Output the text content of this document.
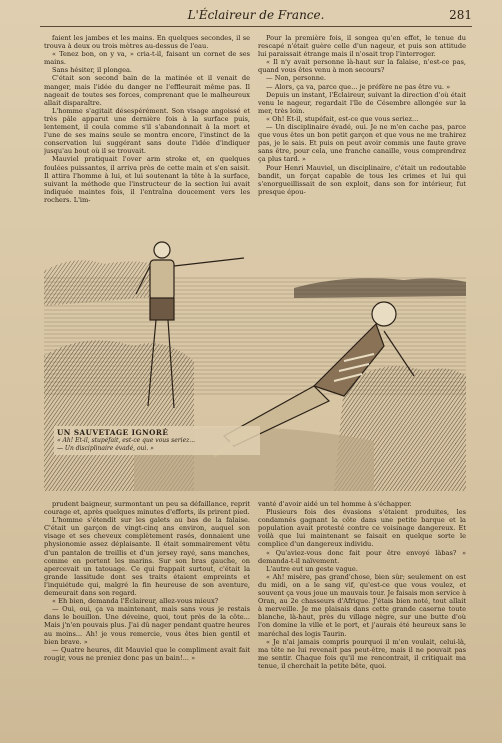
L'Éclaireur de France.	281

faient les jambes et les mains. En quelques secondes, il se trouva à deux ou trois mètres au-dessus de l'eau.

« Tenez bon, on y va, » cria-t-il, faisant un cornet de ses mains.

Sans hésiter, il plongea.

C'était son second bain de la matinée et il venait de manger, mais l'idée du danger ne l'effleurait même pas. Il nageait de toutes ses forces, comprenant que le malheureux allait disparaître.

L'homme s'agitait désespérément. Son visage angoissé et très pâle apparut une dernière fois à la surface puis, lentement, il coula comme s'il s'abandonnait à la mort et l'une de ses mains seule se montra encore, l'instinct de la conservation lui suggérant sans doute l'idée d'indiquer jusqu'au bout où il se trouvait.

Mauviel pratiquait l'over arm stroke et, en quelques foulées puissantes, il arriva près de cette main et s'en saisit. Il attira l'homme à lui, et lui soutenant la tête à la surface, suivant la méthode que l'instructeur de la section lui avait indiquée maintes fois, il l'entraîna doucement vers les rochers. L'im-

Pour la première fois, il songea qu'en effet, le tenue du rescapé n'était guère celle d'un nageur, et puis son attitude lui paraissait étrange mais il n'osait trop l'interroger.

« Il n'y avait personne là-haut sur la falaise, n'est-ce pas, quand vous êtes venu à mon secours?

— Non, personne.

— Alors, ça va, parce que... je préfère ne pas être vu. »

Depuis un instant, l'Éclaireur, suivant la direction d'où était venu le nageur, regardait l'île de Césembre allongée sur la mer, très loin.

« Oh! Et-il, stupéfait, est-ce que vous seriez...

— Un disciplinaire évadé, oui. Je ne m'en cache pas, parce que vous êtes un bon petit garçon et que vous ne me trahirez pas, je le sais. Et puis on peut avoir commis une faute grave sans être, pour cela, une franche canaille, vous comprendrez ça plus tard. »

Pour Henri Mauviel, un disciplinaire, c'était un redoutable bandit, un forçat capable de tous les crimes et lui qui s'enorgueillissait de son exploit, dans son for intérieur, fut presque épou-

UN SAUVETAGE IGNORÉ
« Ah! Et-il, stupéfait, est-ce que vous seriez...
— Un disciplinaire évadé, oui. »

prudent baigneur, surmontant un peu sa défaillance, reprit courage et, après quelques minutes d'efforts, ils prirent pied.

L'homme s'étendit sur les galets au bas de la falaise. C'était un garçon de vingt-cinq ans environ, auquel son visage et ses cheveux complètement rasés, donnaient une physionomie assez déplaisante. Il était sommairement vêtu d'un pantalon de treillis et d'un jersey rayé, sans manches, comme en portent les marins. Sur son bras gauche, on apercevait un tatouage. Ce qui frappait surtout, c'était la grande lassitude dont ses traits étaient empreints et l'inquiétude qui, malgré la fin heureuse de son aventure, demeurait dans son regard.

« Eh bien, demanda l'Éclaireur, allez-vous mieux?

— Oui, oui, ça va maintenant, mais sans vous je restais dans le bouillon. Une déveine, quoi, tout près de la côte... Mais j'n'en pouvais plus. J'ai dû nager pendant quatre heures au moins... Ah! je vous remercie, vous êtes bien gentil et bien brave. »

— Quatre heures, dit Mauviel que le compliment avait fait rougir, vous ne preniez donc pas un bain!... »

vanté d'avoir aidé un tel homme à s'échapper.

Plusieurs fois des évasions s'étaient produites, les condamnés gagnant la côte dans une petite barque et la population avait protesté contre ce voisinage dangereux. Et voilà que lui maintenant se faisait en quelque sorte le complice d'un dangereux individu.

« Qu'aviez-vous donc fait pour être envoyé làbas? » demanda-t-il naïvement.

L'autre eut un geste vague.

« Ah! misère, pas grand'chose, bien sûr; seulement on est du midi, on a le sang vif, qu'est-ce que vous voulez, et souvent ça vous joue un mauvais tour. Je faisais mon service à Oran, au 2e chasseurs d'Afrique. J'étais bien noté, tout allait à merveille. Je me plaisais dans cette grande caserne toute blanche, là-haut, près du village nègre, sur une butte d'où l'on domine la ville et le port, et j'aurais été heureux sans le maréchal des logis Taurin.

« Je n'ai jamais compris pourquoi il m'en voulait, celui-là, ma tête ne lui revenait pas peut-être, mais il ne pouvait pas me sentir. Chaque fois qu'il me rencontrait, il critiquait ma tenue, il cherchait la petite bête, quoi.
